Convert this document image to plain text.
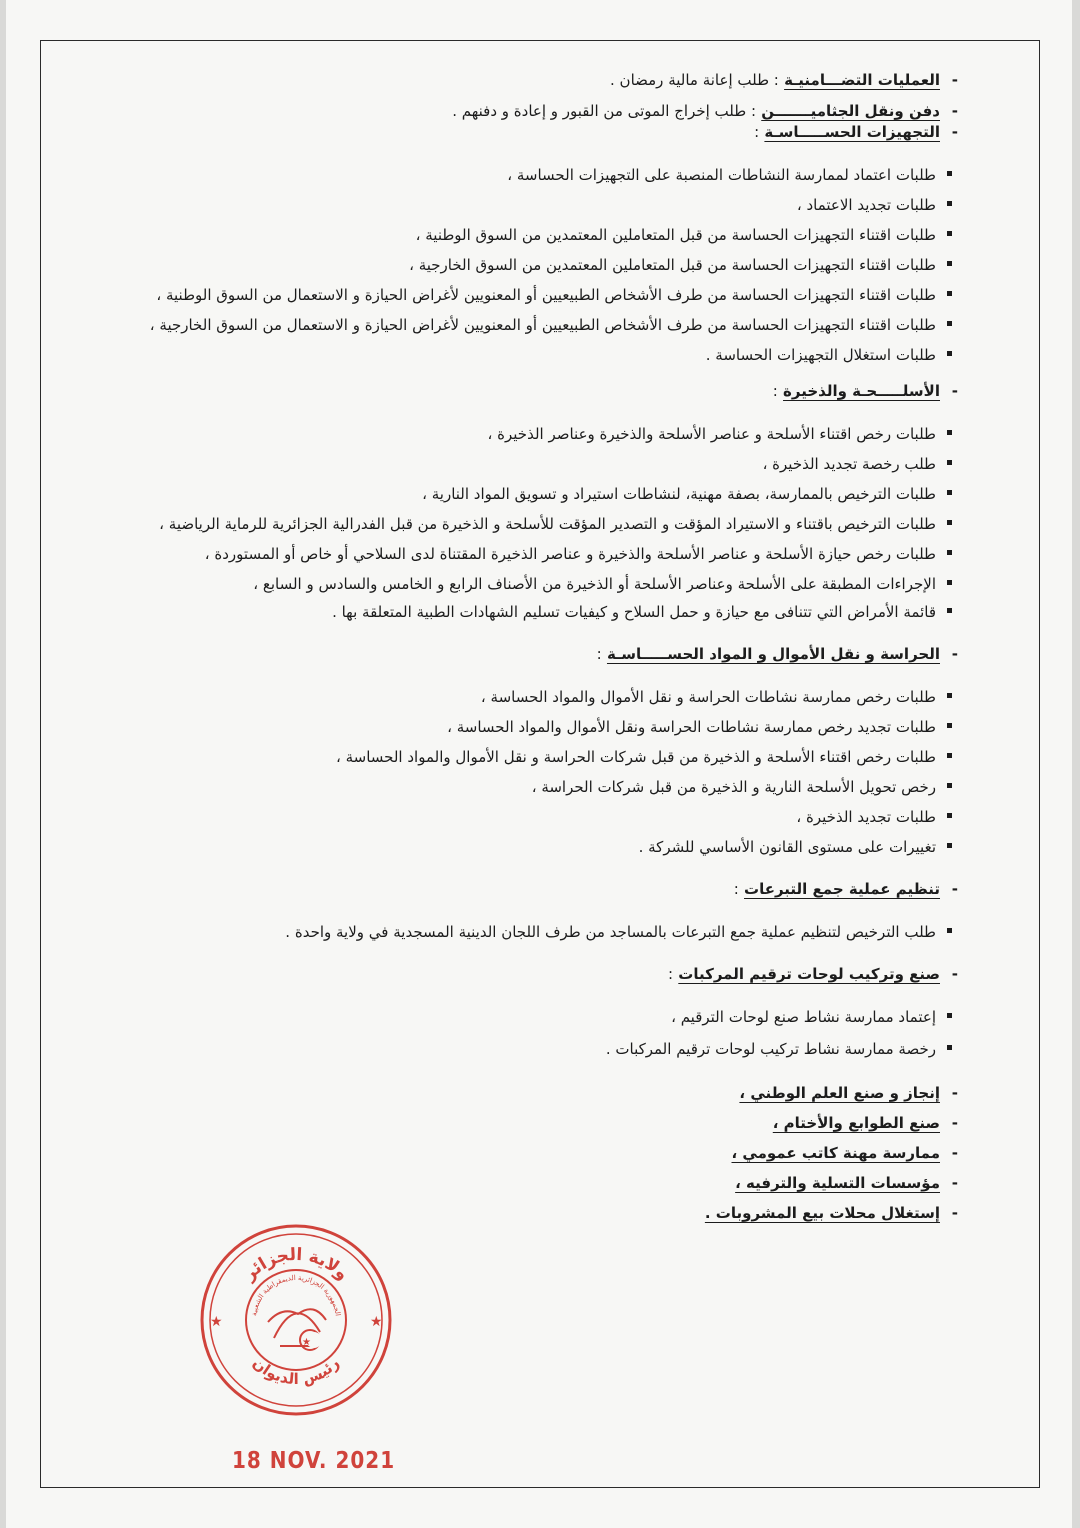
- العمليات التضـــامنيـة : طلب إعانة مالية رمضان .

- دفن ونقل الجثاميـــــــن : طلب إخراج الموتى من القبور و إعادة و دفنهم .

- التجهيزات الحســـــاسـة :

طلبات اعتماد لممارسة النشاطات المنصبة على التجهيزات الحساسة ،
طلبات تجديد الاعتماد ،
طلبات اقتناء التجهيزات الحساسة من قبل المتعاملين المعتمدين من السوق الوطنية ،
طلبات اقتناء التجهيزات الحساسة من قبل المتعاملين المعتمدين من السوق الخارجية ،
طلبات اقتناء التجهيزات الحساسة من طرف الأشخاص الطبيعيين أو المعنويين لأغراض الحيازة و الاستعمال من السوق الوطنية ،
طلبات اقتناء التجهيزات الحساسة من طرف الأشخاص الطبيعيين أو المعنويين لأغراض الحيازة و الاستعمال من السوق الخارجية ،
طلبات استغلال التجهيزات الحساسة .

- الأسلـــــحـة والذخيرة :

طلبات رخص اقتناء الأسلحة و عناصر الأسلحة والذخيرة وعناصر الذخيرة ،
طلب رخصة تجديد الذخيرة ،
طلبات الترخيص بالممارسة، بصفة مهنية، لنشاطات استيراد و تسويق المواد النارية ،
طلبات الترخيص باقتناء و الاستيراد المؤقت و التصدير المؤقت للأسلحة و الذخيرة من قبل الفدرالية الجزائرية للرماية الرياضية ،
طلبات رخص حيازة الأسلحة و عناصر الأسلحة والذخيرة و عناصر الذخيرة المقتناة لدى السلاحي أو خاص أو المستوردة ،
الإجراءات المطبقة على الأسلحة وعناصر الأسلحة أو الذخيرة من الأصناف الرابع و الخامس والسادس و السابع ،
قائمة الأمراض التي تتنافى مع حيازة و حمل السلاح و كيفيات تسليم الشهادات الطبية المتعلقة بها .

- الحراسة و نقل الأموال و المواد الحســـــاسـة :

طلبات رخص ممارسة نشاطات الحراسة و نقل الأموال والمواد الحساسة ،
طلبات تجديد رخص ممارسة نشاطات الحراسة ونقل الأموال والمواد الحساسة ،
طلبات رخص اقتناء الأسلحة و الذخيرة من قبل شركات الحراسة و نقل الأموال والمواد الحساسة ،
رخص تحويل الأسلحة النارية و الذخيرة من قبل شركات الحراسة ،
طلبات تجديد الذخيرة ،
تغييرات على مستوى القانون الأساسي للشركة .

- تنظيم عملية جمع التبرعات :

طلب الترخيص لتنظيم عملية جمع التبرعات بالمساجد من طرف اللجان الدينية المسجدية في ولاية واحدة .

- صنع وتركيب لوحات ترقيم المركبات :

إعتماد ممارسة نشاط صنع لوحات الترقيم ،
رخصة ممارسة نشاط تركيب لوحات ترقيم المركبات .

- إنجاز و صنع العلم الوطني ،

- صنع الطوابع والأختام ،

- ممارسة مهنة كاتب عمومي ،

- مؤسسات التسلية والترفيه ،

- إستغلال محلات بيع المشروبات .

ولاية الجزائر
رئيس الديوان
الجمهورية الجزائرية الديمقراطية الشعبية
★	★
★
18 NOV. 2021
